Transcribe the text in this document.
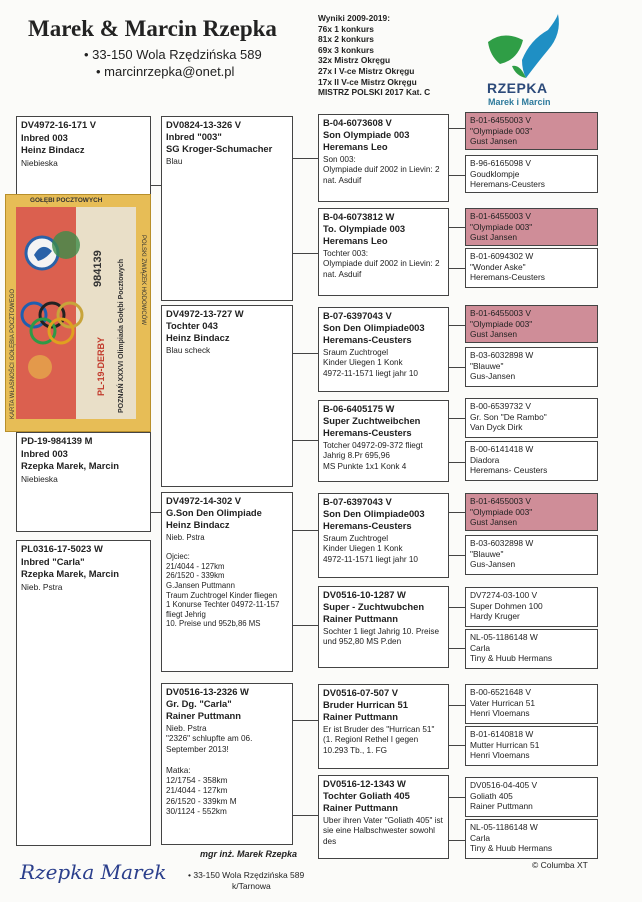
Marek & Marcin Rzepka
• 33-150 Wola Rzędzińska 589
• marcinrzepka@onet.pl
Wyniki 2009-2019:
76x 1 konkurs
81x 2 konkurs
69x 3 konkurs
32x Mistrz Okręgu
27x I V-ce Mistrz Okręgu
17x II V-ce Mistrz Okręgu
MISTRZ POLSKI 2017 Kat. C	RZEPKA
Marek i Marcin
DV4972-16-171 V
Inbred 003
Heinz Bindacz
Niebieska
PD-19-984139 M
Inbred 003
Rzepka Marek, Marcin
Niebieska
PL0316-17-5023 W
Inbred "Carla"
Rzepka Marek, Marcin
Nieb. Pstra
984139
PL-19-DERBY POZNAŃ XXXVI Olimpiada Gołębi Pocztowych
KARTA WŁASNOŚCI GOŁĘBIA POCZTOWEGO
GOŁĘBI POCZTOWYCH
POLSKI ZWIĄZEK HODOWCÓW
DV0824-13-326 V
Inbred "003"
SG Kroger-Schumacher
Blau
DV4972-13-727 W
Tochter 043
Heinz Bindacz
Blau scheck
DV4972-14-302 V
G.Son Den Olimpiade
Heinz Bindacz
Nieb. Pstra

Ojciec:
21/4044 - 127km
26/1520 - 339km
G.Jansen Puttmann
Traum Zuchtrogel Kinder fliegen
1 Konurse Techter 04972-11-157
fliegt Jehrig
10. Preise und 952b,86 MS
DV0516-13-2326 W
Gr. Dg. "Carla"
Rainer Puttmann
Nieb. Pstra
"2326" schlupfte am 06. September 2013!

Matka:
12/1754 - 358km
21/4044 - 127km
26/1520 - 339km M
30/1124 - 552km
B-04-6073608 V
Son Olympiade 003
Heremans Leo
Son 003:
Olympiade duif 2002 in Lievin: 2 nat. Asduif
B-04-6073812 W
To. Olympiade 003
Heremans Leo
Tochter 003:
Olympiade duif 2002 in Lievin: 2 nat. Asduif
B-07-6397043 V
Son Den Olimpiade003
Heremans-Ceusters
Sraum Zuchtrogel
Kinder Uiegen 1 Konk
4972-11-1571 liegt jahr 10
B-06-6405175 W
Super Zuchtweibchen
Heremans-Ceusters
Totcher 04972-09-372 fliegt Jahrig 8.Pr 695,96
MS Punkte 1x1 Konk 4
B-07-6397043 V
Son Den Olimpiade003
Heremans-Ceusters
Sraum Zuchtrogel
Kinder Uiegen 1 Konk
4972-11-1571 liegt jahr 10
DV0516-10-1287 W
Super - Zuchtwubchen
Rainer Puttmann
Sochter 1 liegt Jahrig 10. Preise und 952,80 MS P.den
DV0516-07-507 V
Bruder Hurrican 51
Rainer Puttmann
Er ist Bruder des "Hurrican 51" (1. Regionl Rethel I gegen 10.293 Tb., 1. FG
DV0516-12-1343 W
Tochter Goliath 405
Rainer Puttmann
Uber ihren Vater "Goliath 405" ist sie eine Halbschwester sowohl des
B-01-6455003 V
"Olympiade 003"
Gust Jansen
B-96-6165098 V
Goudklompje
Heremans-Ceusters
B-01-6455003 V
"Olympiade 003"
Gust Jansen
B-01-6094302 W
"Wonder Aske"
Heremans-Ceusters
B-01-6455003 V
"Olympiade 003"
Gust Jansen
B-03-6032898 W
"Blauwe"
Gus-Jansen
B-00-6539732 V
Gr. Son "De Rambo"
Van Dyck Dirk
B-00-6141418 W
Diadora
Heremans- Ceusters
B-01-6455003 V
"Olympiade 003"
Gust Jansen
B-03-6032898 W
"Blauwe"
Gus-Jansen
DV7274-03-100 V
Super Dohmen 100
Hardy Kruger
NL-05-1186148 W
Carla
Tiny & Huub Hermans
B-00-6521648 V
Vater Hurrican 51
Henri Vloemans
B-01-6140818 W
Mutter Hurrican 51
Henri Vloemans
DV0516-04-405 V
Goliath 405
Rainer Puttmann
NL-05-1186148 W
Carla
Tiny & Huub Hermans
Rzepka Marek
mgr inż. Marek Rzepka
• 33-150 Wola Rzędzińska 589
k/Tarnowa
© Columba XT
